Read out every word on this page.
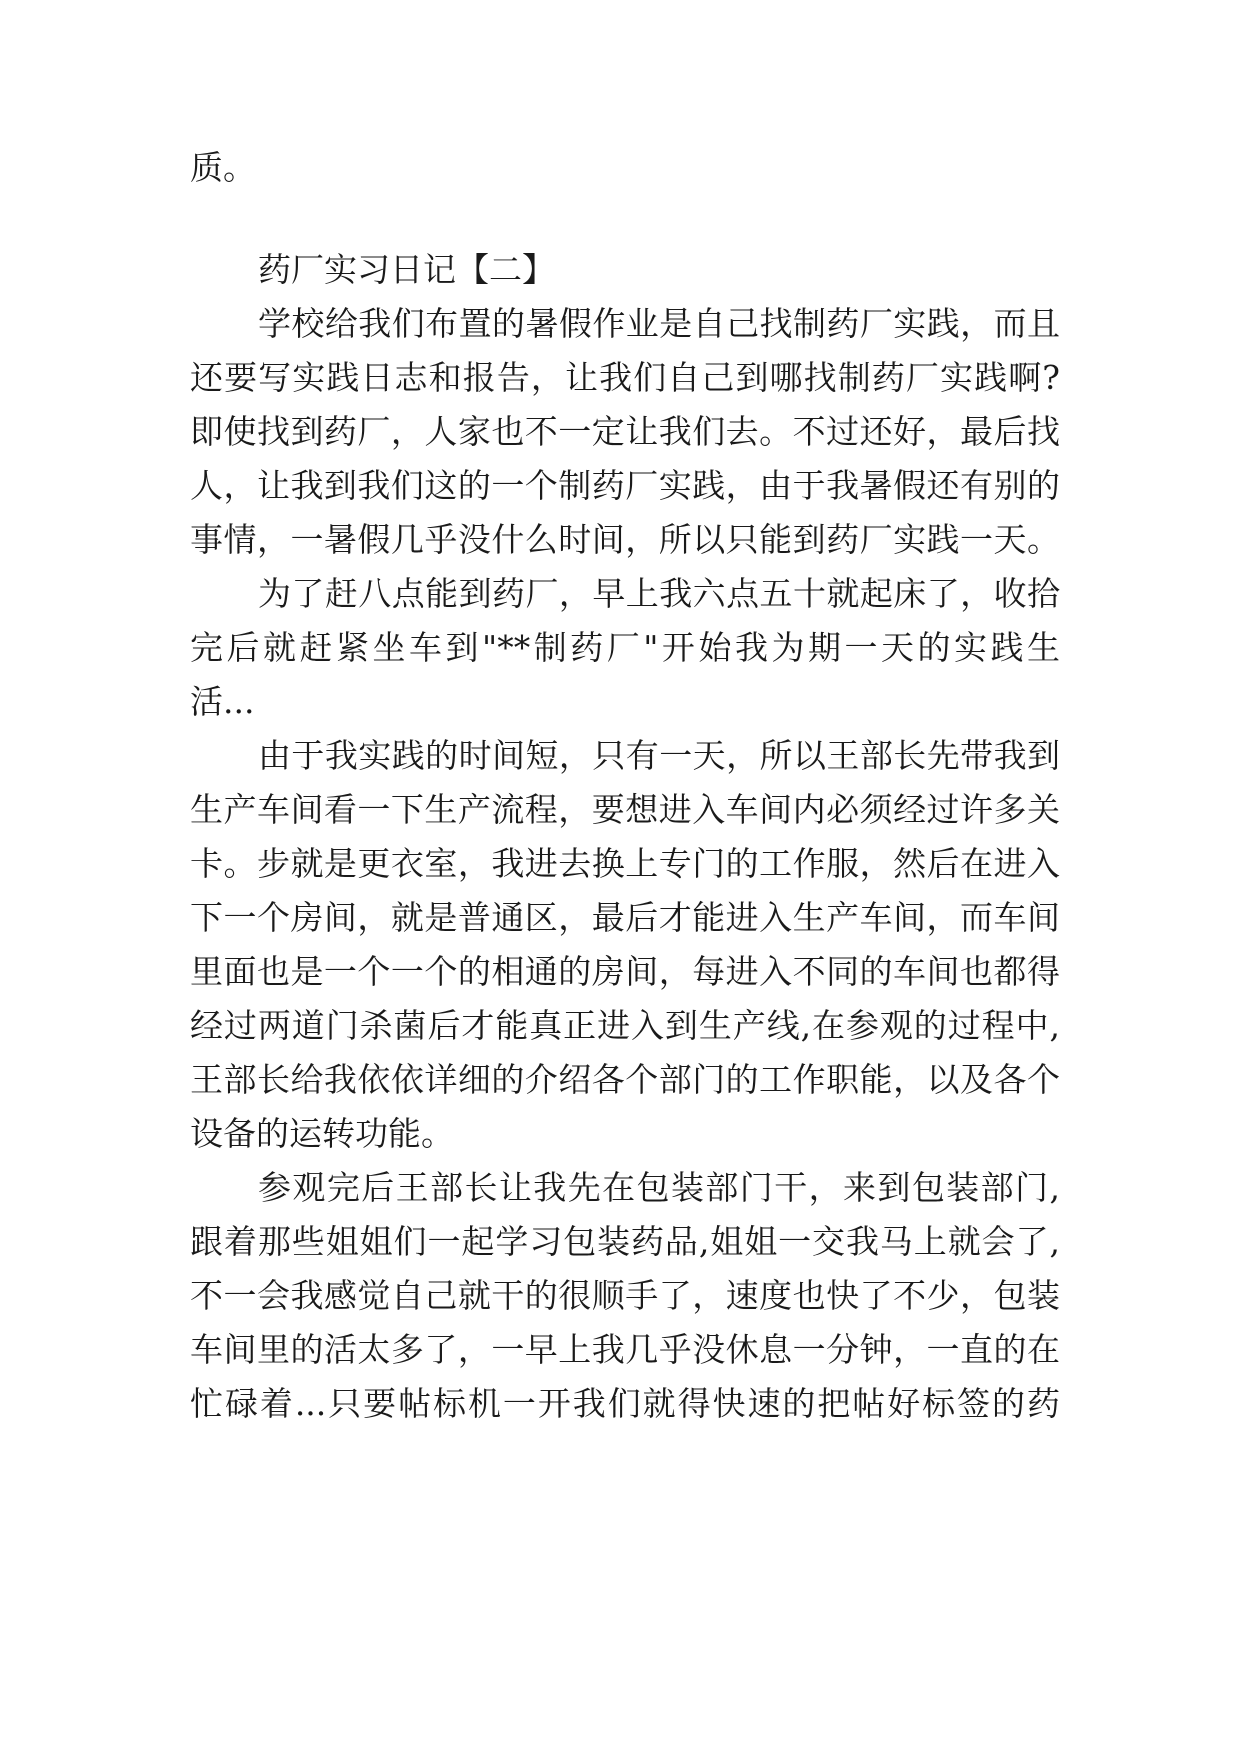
质。
药厂实习日记【二】
学校给我们布置的暑假作业是自己找制药厂实践，而且
还要写实践日志和报告，让我们自己到哪找制药厂实践啊?
即使找到药厂，人家也不一定让我们去。不过还好，最后找
人，让我到我们这的一个制药厂实践，由于我暑假还有别的
事情，一暑假几乎没什么时间，所以只能到药厂实践一天。
为了赶八点能到药厂，早上我六点五十就起床了，收拾
完后就赶紧坐车到"**制药厂"开始我为期一天的实践生
活...
由于我实践的时间短，只有一天，所以王部长先带我到
生产车间看一下生产流程，要想进入车间内必须经过许多关
卡。步就是更衣室，我进去换上专门的工作服，然后在进入
下一个房间，就是普通区，最后才能进入生产车间，而车间
里面也是一个一个的相通的房间，每进入不同的车间也都得
经过两道门杀菌后才能真正进入到生产线,在参观的过程中,
王部长给我依依详细的介绍各个部门的工作职能，以及各个
设备的运转功能。
参观完后王部长让我先在包装部门干，来到包装部门,
跟着那些姐姐们一起学习包装药品,姐姐一交我马上就会了,
不一会我感觉自己就干的很顺手了，速度也快了不少，包装
车间里的活太多了，一早上我几乎没休息一分钟，一直的在
忙碌着...只要帖标机一开我们就得快速的把帖好标签的药
